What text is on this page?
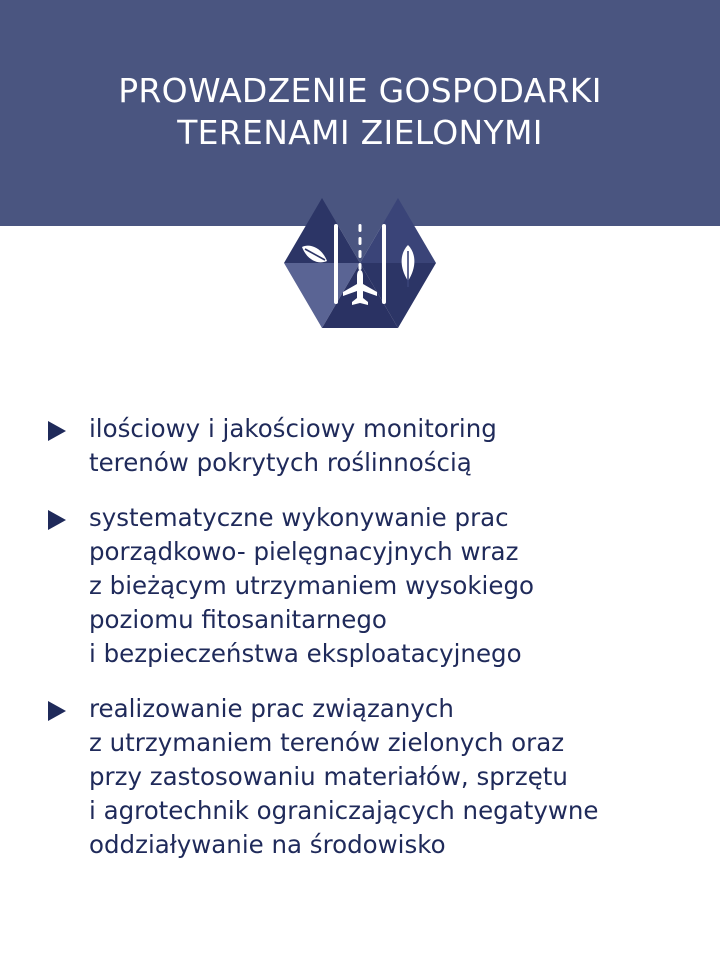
PROWADZENIE GOSPODARKI
TERENAMI ZIELONYMI
ilościowy i jakościowy monitoring
terenów pokrytych roślinnością
systematyczne wykonywanie prac
porządkowo- pielęgnacyjnych wraz
z bieżącym utrzymaniem wysokiego
poziomu fitosanitarnego
i bezpieczeństwa eksploatacyjnego
realizowanie prac związanych
z utrzymaniem terenów zielonych oraz
przy zastosowaniu materiałów, sprzętu
i agrotechnik ograniczających negatywne
oddziaływanie na środowisko
